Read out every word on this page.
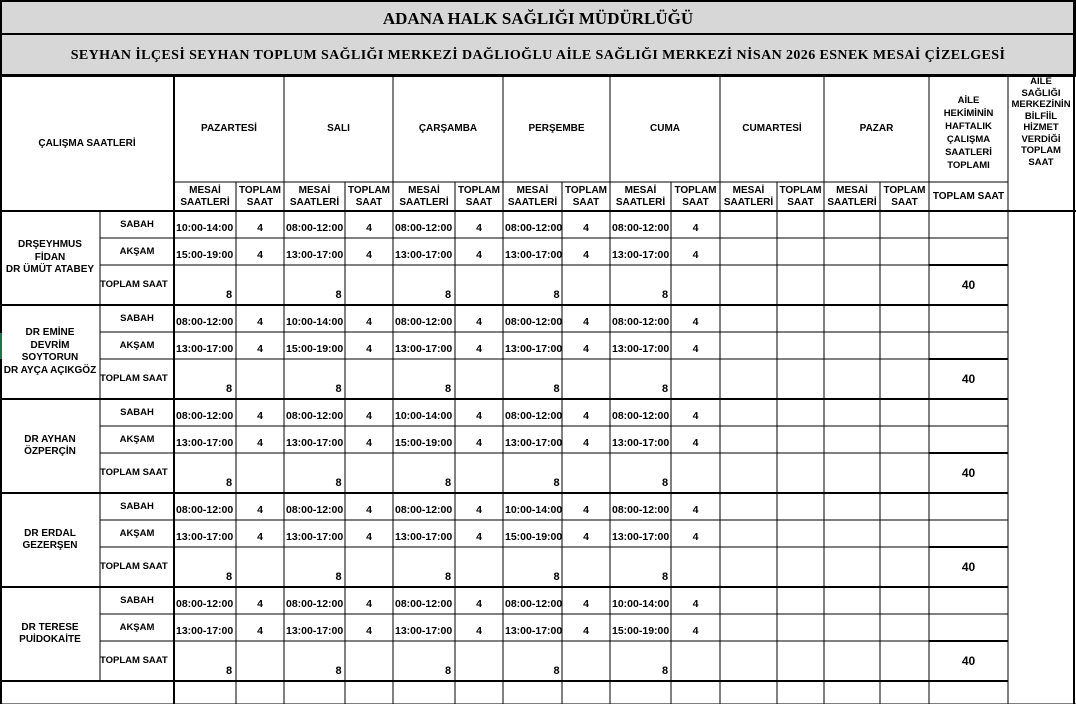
ADANA HALK SAĞLIĞI MÜDÜRLÜĞÜ
SEYHAN İLÇESİ SEYHAN TOPLUM SAĞLIĞI MERKEZİ DAĞLIOĞLU AİLE SAĞLIĞI MERKEZİ NİSAN 2026 ESNEK MESAİ ÇİZELGESİ
ÇALIŞMA SAATLERİ
PAZARTESİ
MESAİ
SAATLERİ
TOPLAM
SAAT
SALI
MESAİ
SAATLERİ
TOPLAM
SAAT
ÇARŞAMBA
MESAİ
SAATLERİ
TOPLAM
SAAT
PERŞEMBE
MESAİ
SAATLERİ
TOPLAM
SAAT
CUMA
MESAİ
SAATLERİ
TOPLAM
SAAT
CUMARTESİ
MESAİ
SAATLERİ
TOPLAM
SAAT
PAZAR
MESAİ
SAATLERİ
TOPLAM
SAAT
AİLE
HEKİMİNİN
HAFTALIK
ÇALIŞMA
SAATLERİ
TOPLAMI
TOPLAM SAAT
AİLE
SAĞLIĞI
MERKEZİNİN
BİLFİİL
HİZMET
VERDİĞİ
TOPLAM
SAAT
DRŞEYHMUS
FİDAN
DR ÜMÜT ATABEY
SABAH
AKŞAM
TOPLAM SAAT
10:00-14:00 4
15:00-19:00 4
8
08:00-12:00 4
13:00-17:00 4
8
08:00-12:00 4
13:00-17:00 4
8
08:00-12:00 4
13:00-17:00 4
8
08:00-12:00 4
13:00-17:00 4
8
40
DR EMİNE
DEVRİM
SOYTORUN
DR AYÇA AÇIKGÖZ
SABAH
AKŞAM
TOPLAM SAAT
08:00-12:00 4
13:00-17:00 4
8
10:00-14:00 4
15:00-19:00 4
8
08:00-12:00 4
13:00-17:00 4
8
08:00-12:00 4
13:00-17:00 4
8
08:00-12:00 4
13:00-17:00 4
8
40
DR AYHAN
ÖZPERÇİN
SABAH
AKŞAM
TOPLAM SAAT
08:00-12:00 4
13:00-17:00 4
8
08:00-12:00 4
13:00-17:00 4
8
10:00-14:00 4
15:00-19:00 4
8
08:00-12:00 4
13:00-17:00 4
8
08:00-12:00 4
13:00-17:00 4
8
40
DR ERDAL
GEZERŞEN
SABAH
AKŞAM
TOPLAM SAAT
08:00-12:00 4
13:00-17:00 4
8
08:00-12:00 4
13:00-17:00 4
8
08:00-12:00 4
13:00-17:00 4
8
10:00-14:00 4
15:00-19:00 4
8
08:00-12:00 4
13:00-17:00 4
8
40
DR TERESE
PUİDOKAİTE
SABAH
AKŞAM
TOPLAM SAAT
08:00-12:00 4
13:00-17:00 4
8
08:00-12:00 4
13:00-17:00 4
8
08:00-12:00 4
13:00-17:00 4
8
08:00-12:00 4
13:00-17:00 4
8
10:00-14:00 4
15:00-19:00 4
8
40
